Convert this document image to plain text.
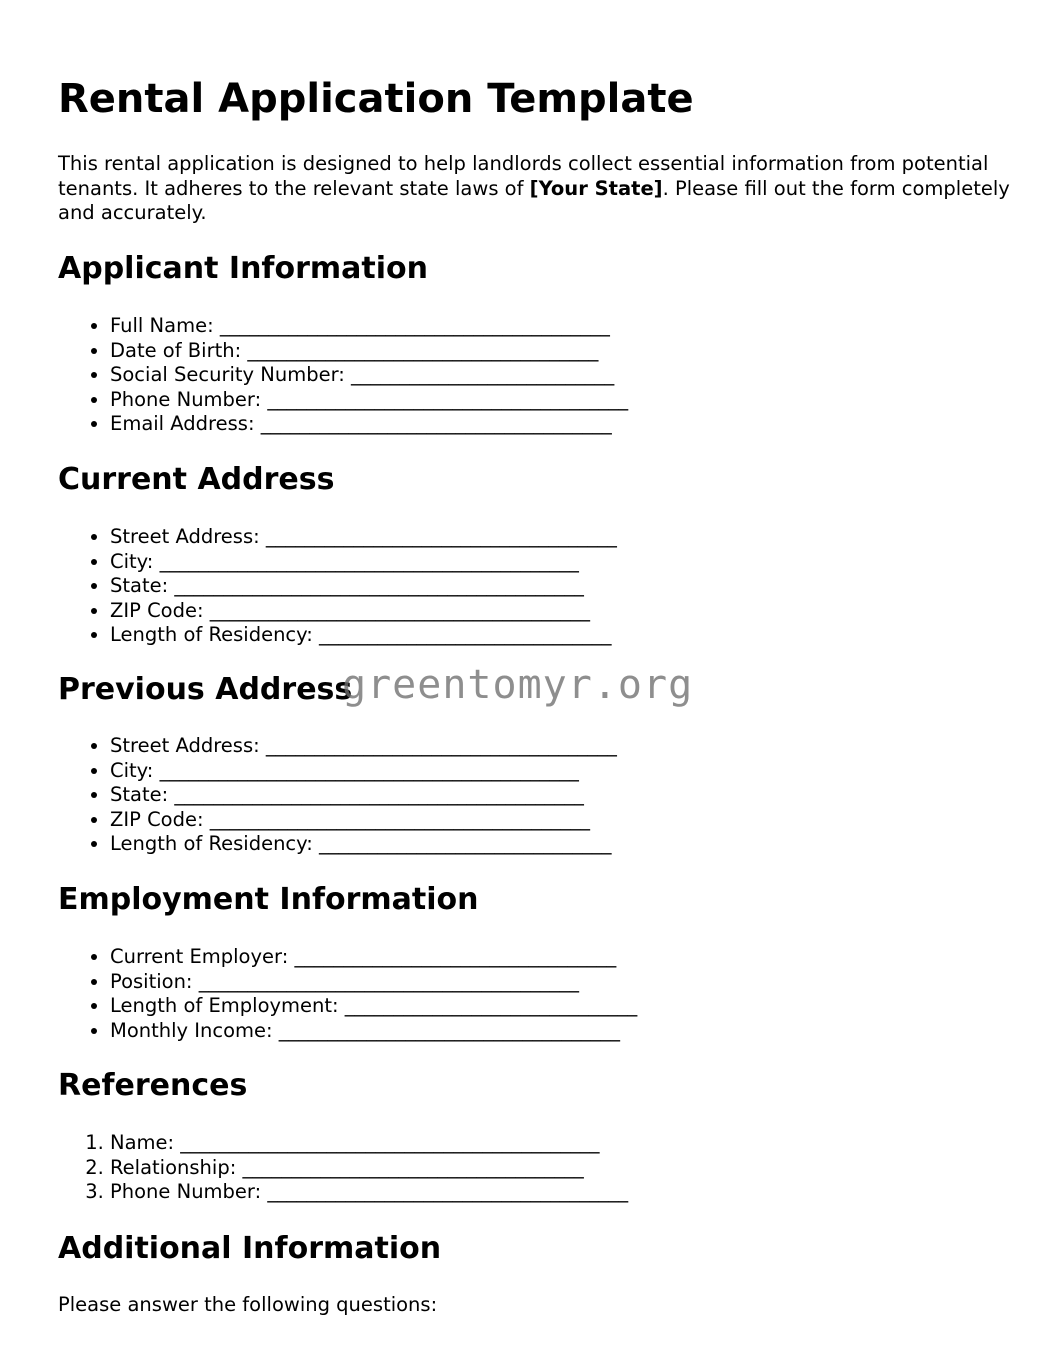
Rental Application Template

This rental application is designed to help landlords collect essential information from potential tenants. It adheres to the relevant state laws of [Your State]. Please fill out the form completely and accurately.

Applicant Information
• Full Name: ________________________________________
• Date of Birth: ____________________________________
• Social Security Number: ___________________________
• Phone Number: _____________________________________
• Email Address: ____________________________________
Current Address
• Street Address: ____________________________________
• City: ___________________________________________
• State: __________________________________________
• ZIP Code: _______________________________________
• Length of Residency: ______________________________
Previous Address
• Street Address: ____________________________________
• City: ___________________________________________
• State: __________________________________________
• ZIP Code: _______________________________________
• Length of Residency: ______________________________
Employment Information
• Current Employer: _________________________________
• Position: _______________________________________
• Length of Employment: ______________________________
• Monthly Income: ___________________________________
References
1. Name: ___________________________________________
2. Relationship: ___________________________________
3. Phone Number: _____________________________________
Additional Information

Please answer the following questions:

greentomyr.org
